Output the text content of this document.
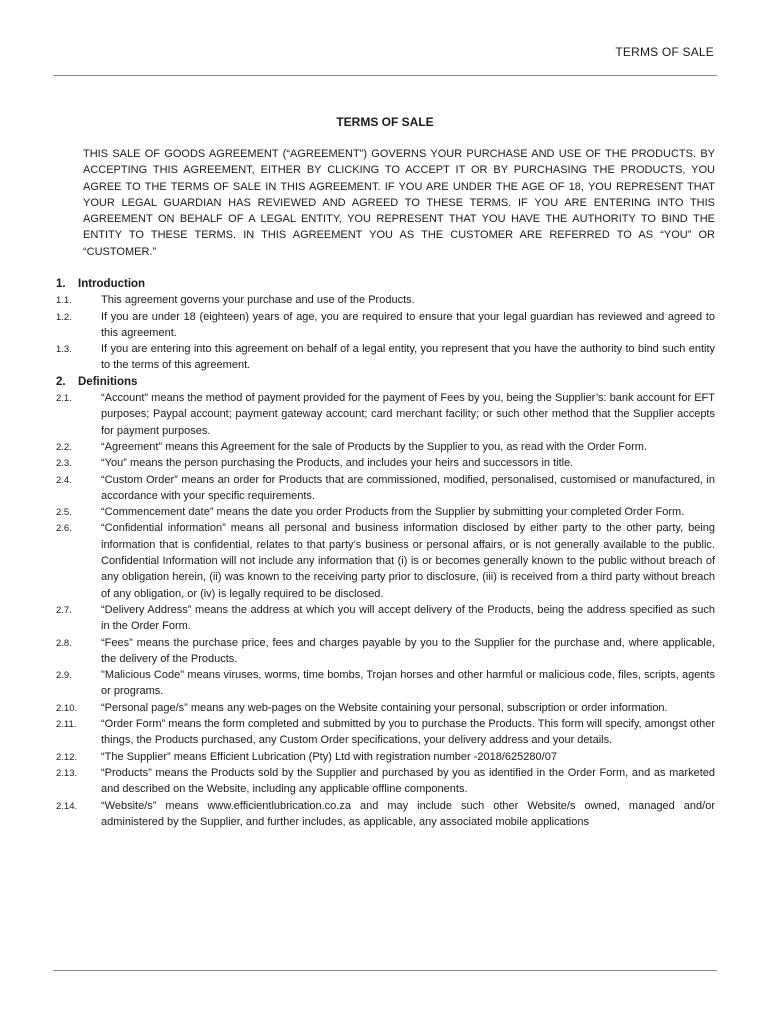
TERMS OF SALE
TERMS OF SALE

THIS SALE OF GOODS AGREEMENT (“AGREEMENT”) GOVERNS YOUR PURCHASE AND USE OF THE PRODUCTS. BY ACCEPTING THIS AGREEMENT, EITHER BY CLICKING TO ACCEPT IT OR BY PURCHASING THE PRODUCTS, YOU AGREE TO THE TERMS OF SALE IN THIS AGREEMENT. IF YOU ARE UNDER THE AGE OF 18, YOU REPRESENT THAT YOUR LEGAL GUARDIAN HAS REVIEWED AND AGREED TO THESE TERMS. IF YOU ARE ENTERING INTO THIS AGREEMENT ON BEHALF OF A LEGAL ENTITY, YOU REPRESENT THAT YOU HAVE THE AUTHORITY TO BIND THE ENTITY TO THESE TERMS. IN THIS AGREEMENT YOU AS THE CUSTOMER ARE REFERRED TO AS “YOU” OR “CUSTOMER.”

1. Introduction
1.1.	This agreement governs your purchase and use of the Products.
1.2.	If you are under 18 (eighteen) years of age, you are required to ensure that your legal guardian has reviewed and agreed to this agreement.
1.3.	If you are entering into this agreement on behalf of a legal entity, you represent that you have the authority to bind such entity to the terms of this agreement.
2. Definitions
2.1.	“Account” means the method of payment provided for the payment of Fees by you, being the Supplier’s: bank account for EFT purposes; Paypal account; payment gateway account; card merchant facility; or such other method that the Supplier accepts for payment purposes.
2.2.	“Agreement” means this Agreement for the sale of Products by the Supplier to you, as read with the Order Form.
2.3.	“You” means the person purchasing the Products, and includes your heirs and successors in title.
2.4.	“Custom Order” means an order for Products that are commissioned, modified, personalised, customised or manufactured, in accordance with your specific requirements.
2.5.	“Commencement date” means the date you order Products from the Supplier by submitting your completed Order Form.
2.6.	“Confidential information” means all personal and business information disclosed by either party to the other party, being information that is confidential, relates to that party’s business or personal affairs, or is not generally available to the public. Confidential Information will not include any information that (i) is or becomes generally known to the public without breach of any obligation herein, (ii) was known to the receiving party prior to disclosure, (iii) is received from a third party without breach of any obligation, or (iv) is legally required to be disclosed.
2.7.	“Delivery Address” means the address at which you will accept delivery of the Products, being the address specified as such in the Order Form.
2.8.	“Fees” means the purchase price, fees and charges payable by you to the Supplier for the purchase and, where applicable, the delivery of the Products.
2.9.	"Malicious Code" means viruses, worms, time bombs, Trojan horses and other harmful or malicious code, files, scripts, agents or programs.
2.10. “Personal page/s” means any web-pages on the Website containing your personal, subscription or order information.
2.11. “Order Form” means the form completed and submitted by you to purchase the Products. This form will specify, amongst other things, the Products purchased, any Custom Order specifications, your delivery address and your details.
2.12. “The Supplier” means Efficient Lubrication (Pty) Ltd with registration number -2018/625280/07
2.13. “Products” means the Products sold by the Supplier and purchased by you as identified in the Order Form, and as marketed and described on the Website, including any applicable offline components.
2.14. “Website/s” means www.efficientlubrication.co.za and may include such other Website/s owned, managed and/or administered by the Supplier, and further includes, as applicable, any associated mobile applications
